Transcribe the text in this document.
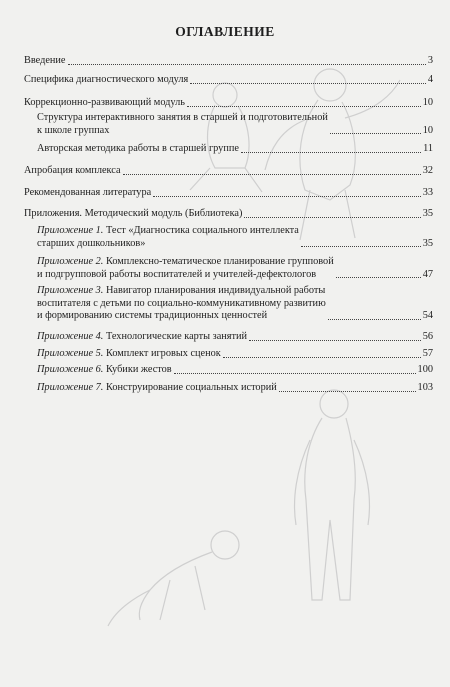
ОГЛАВЛЕНИЕ
Введение	3
Специфика диагностического модуля	4
Коррекционно-развивающий модуль	10
Структура интерактивного занятия в старшей и подготовительной
к школе группах	10
Авторская методика работы в старшей группе	11
Апробация комплекса	32
Рекомендованная литература	33
Приложения. Методический модуль (Библиотека)	35
Приложение 1. Тест «Диагностика социального интеллекта
старших дошкольников»	35
Приложение 2. Комплексно-тематическое планирование групповой
и подгрупповой работы воспитателей и учителей-дефектологов	47
Приложение 3. Навигатор планирования индивидуальной работы
воспитателя с детьми по социально-коммуникативному развитию
и формированию системы традиционных ценностей	54
Приложение 4. Технологические карты занятий	56
Приложение 5. Комплект игровых сценок	57
Приложение 6. Кубики жестов	100
Приложение 7. Конструирование социальных историй	103
